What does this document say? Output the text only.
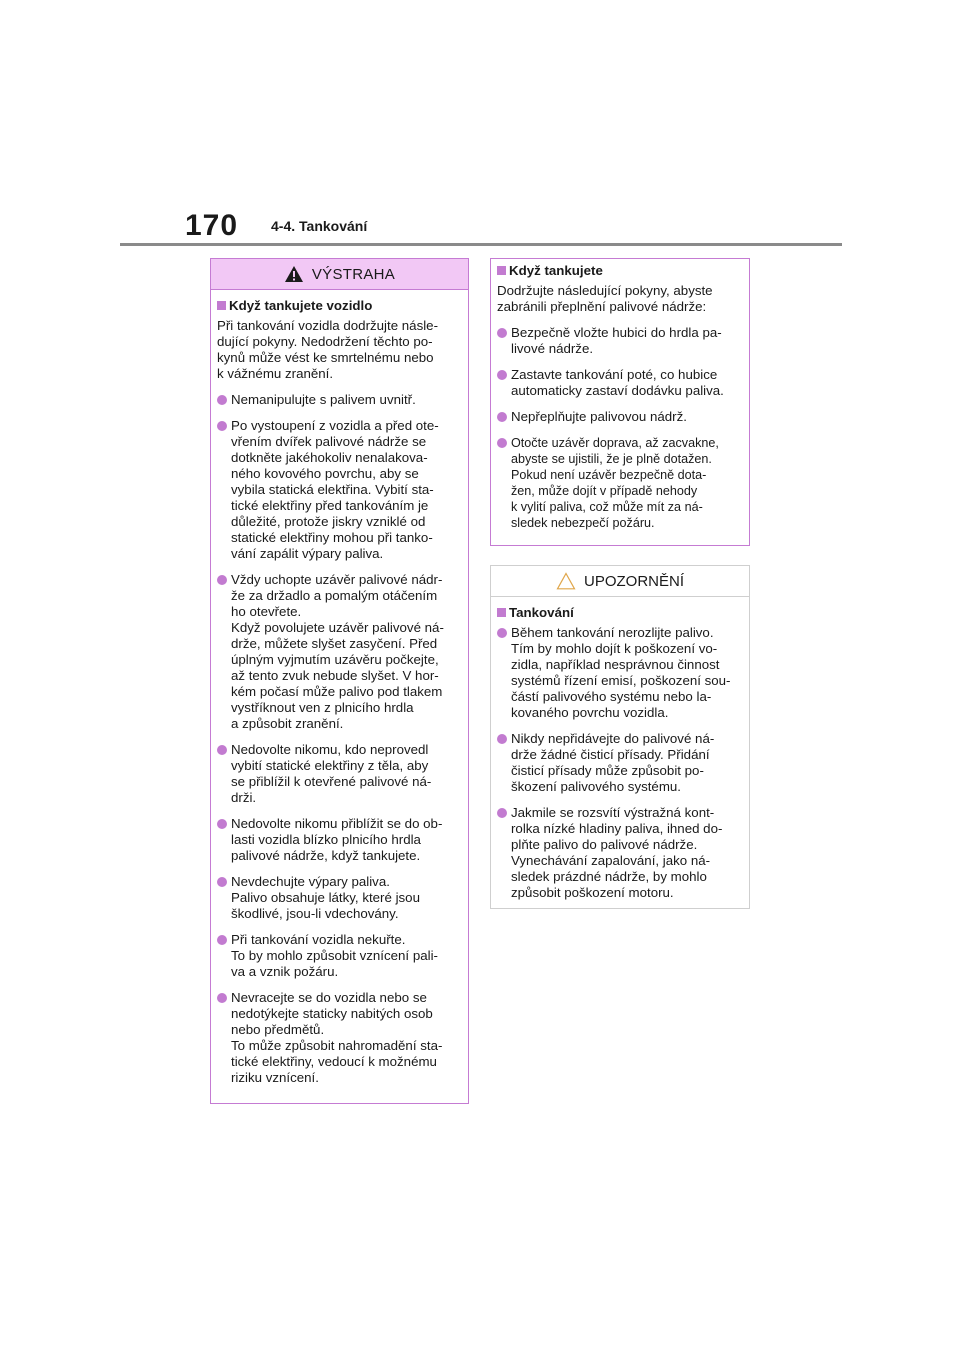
170 4-4. Tankování
VÝSTRAHA
Když tankujete vozidlo
Při tankování vozidla dodržujte násle-
dující pokyny. Nedodržení těchto po-
kynů může vést ke smrtelnému nebo
k vážnému zranění.
Nemanipulujte s palivem uvnitř.
Po vystoupení z vozidla a před ote-
vřením dvířek palivové nádrže se
dotkněte jakéhokoliv nenalakova-
ného kovového povrchu, aby se
vybila statická elektřina. Vybití sta-
tické elektřiny před tankováním je
důležité, protože jiskry vzniklé od
statické elektřiny mohou při tanko-
vání zapálit výpary paliva.
Vždy uchopte uzávěr palivové nádr-
že za držadlo a pomalým otáčením
ho otevřete.
Když povolujete uzávěr palivové ná-
drže, můžete slyšet zasyčení. Před
úplným vyjmutím uzávěru počkejte,
až tento zvuk nebude slyšet. V hor-
kém počasí může palivo pod tlakem
vystříknout ven z plnicího hrdla
a způsobit zranění.
Nedovolte nikomu, kdo neprovedl
vybití statické elektřiny z těla, aby
se přiblížil k otevřené palivové ná-
drži.
Nedovolte nikomu přiblížit se do ob-
lasti vozidla blízko plnicího hrdla
palivové nádrže, když tankujete.
Nevdechujte výpary paliva.
Palivo obsahuje látky, které jsou
škodlivé, jsou-li vdechovány.
Při tankování vozidla nekuřte.
To by mohlo způsobit vznícení pali-
va a vznik požáru.
Nevracejte se do vozidla nebo se
nedotýkejte staticky nabitých osob
nebo předmětů.
To může způsobit nahromadění sta-
tické elektřiny, vedoucí k možnému
riziku vznícení.
Když tankujete
Dodržujte následující pokyny, abyste
zabránili přeplnění palivové nádrže:
Bezpečně vložte hubici do hrdla pa-
livové nádrže.
Zastavte tankování poté, co hubice
automaticky zastaví dodávku paliva.
Nepřeplňujte palivovou nádrž.
Otočte uzávěr doprava, až zacvakne,
abyste se ujistili, že je plně dotažen.
Pokud není uzávěr bezpečně dota-
žen, může dojít v případě nehody
k vylití paliva, což může mít za ná-
sledek nebezpečí požáru.
UPOZORNĚNÍ
Tankování
Během tankování nerozlijte palivo.
Tím by mohlo dojít k poškození vo-
zidla, například nesprávnou činnost
systémů řízení emisí, poškození sou-
částí palivového systému nebo la-
kovaného povrchu vozidla.
Nikdy nepřidávejte do palivové ná-
drže žádné čisticí přísady. Přidání
čisticí přísady může způsobit po-
škození palivového systému.
Jakmile se rozsvítí výstražná kont-
rolka nízké hladiny paliva, ihned do-
plňte palivo do palivové nádrže.
Vynechávání zapalování, jako ná-
sledek prázdné nádrže, by mohlo
způsobit poškození motoru.
